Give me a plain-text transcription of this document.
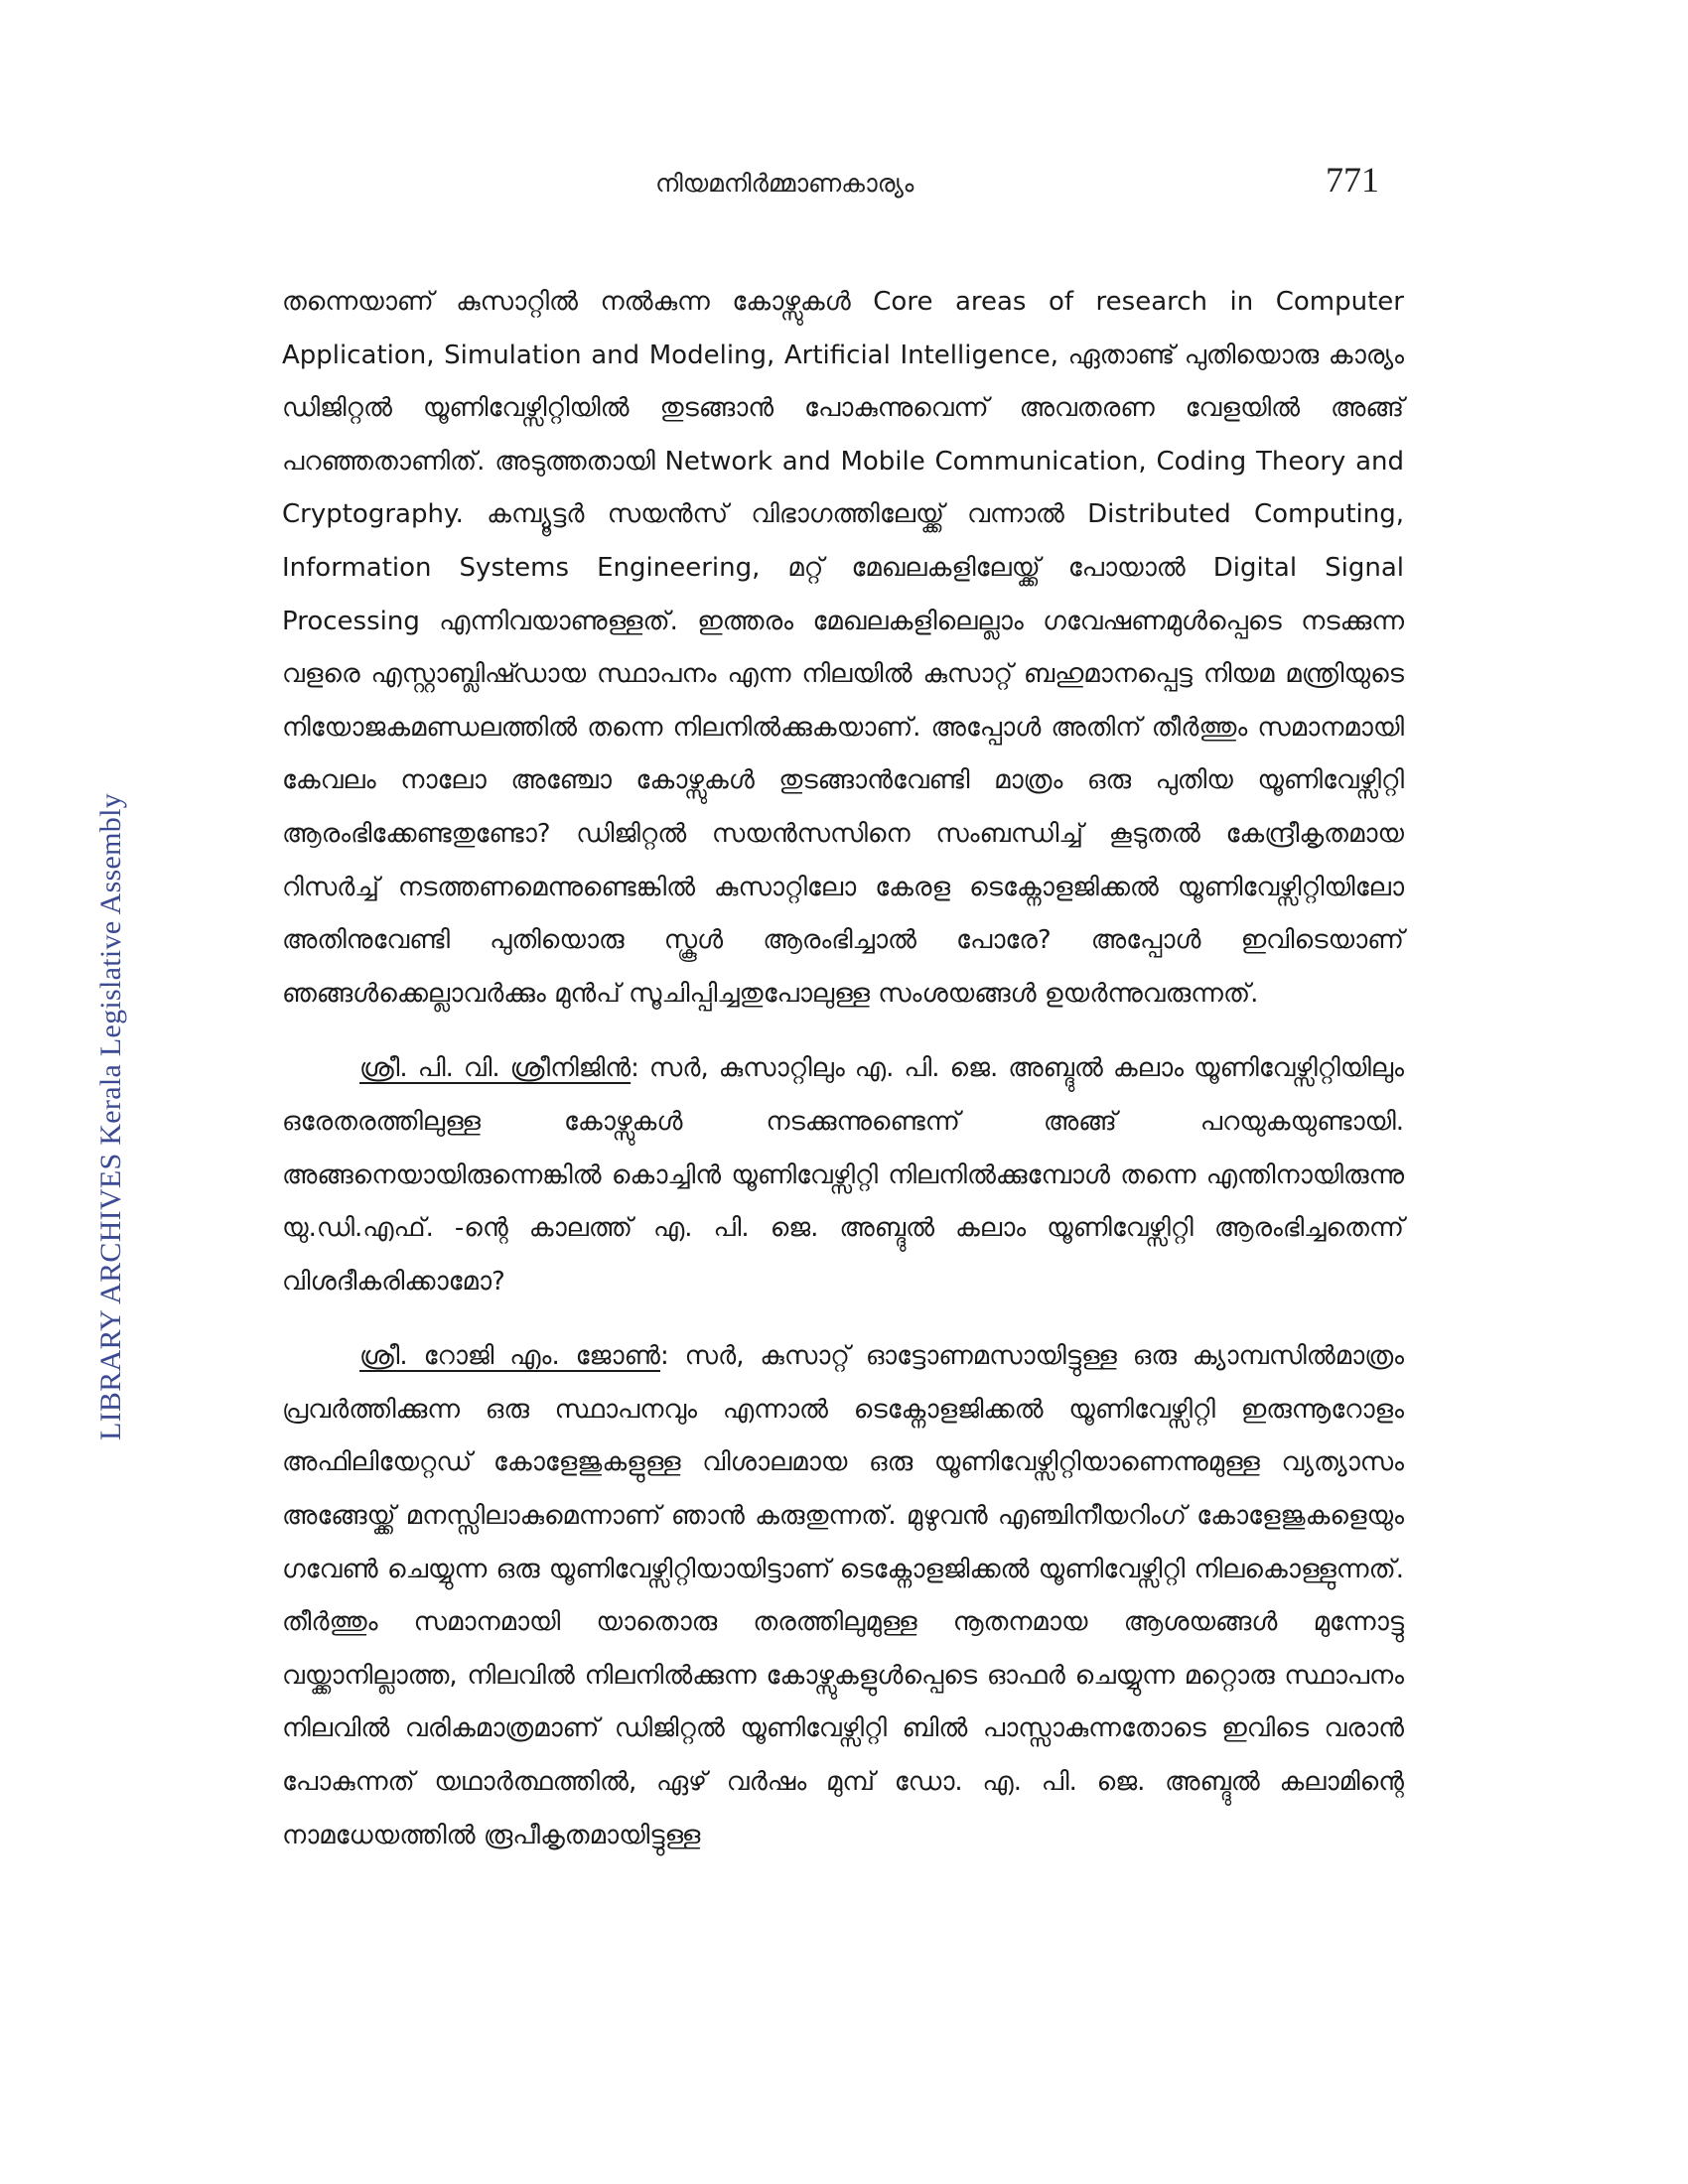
നിയമനിർമ്മാണകാര്യം	771
LIBRARY ARCHIVES Kerala Legislative Assembly

തന്നെയാണ് കുസാറ്റിൽ നൽകുന്ന കോഴ്സുകൾ Core areas of research in Computer Application, Simulation and Modeling, Artificial Intelligence, ഏതാണ്ട് പുതിയൊരു കാര്യം ഡിജിറ്റൽ യൂണിവേഴ്സിറ്റിയിൽ തുടങ്ങാൻ പോകുന്നുവെന്ന് അവതരണ വേളയിൽ അങ്ങ് പറഞ്ഞതാണിത്. അടുത്തതായി Network and Mobile Communication, Coding Theory and Cryptography. കമ്പ്യൂട്ടർ സയൻസ് വിഭാഗത്തിലേയ്ക്ക് വന്നാൽ Distributed Computing, Information Systems Engineering, മറ്റ് മേഖലകളിലേയ്ക്ക് പോയാൽ Digital Signal Processing എന്നിവയാണുള്ളത്. ഇത്തരം മേഖലകളിലെല്ലാം ഗവേഷണമുൾപ്പെടെ നടക്കുന്ന വളരെ എസ്റ്റാബ്ലിഷ്ഡായ സ്ഥാപനം എന്ന നിലയിൽ കുസാറ്റ് ബഹുമാനപ്പെട്ട നിയമ മന്ത്രിയുടെ നിയോജകമണ്ഡലത്തിൽ തന്നെ നിലനിൽക്കുകയാണ്. അപ്പോൾ അതിന് തീർത്തും സമാനമായി കേവലം നാലോ അഞ്ചോ കോഴ്സുകൾ തുടങ്ങാൻവേണ്ടി മാത്രം ഒരു പുതിയ യൂണിവേഴ്സിറ്റി ആരംഭിക്കേണ്ടതുണ്ടോ? ഡിജിറ്റൽ സയൻസസിനെ സംബന്ധിച്ച് കൂടുതൽ കേന്ദ്രീകൃതമായ റിസർച്ച് നടത്തണമെന്നുണ്ടെങ്കിൽ കുസാറ്റിലോ കേരള ടെക്നോളജിക്കൽ യൂണിവേഴ്സിറ്റിയിലോ അതിനുവേണ്ടി പുതിയൊരു സ്കൂൾ ആരംഭിച്ചാൽ പോരേ? അപ്പോൾ ഇവിടെയാണ് ഞങ്ങൾക്കെല്ലാവർക്കും മുൻപ് സൂചിപ്പിച്ചതുപോലുള്ള സംശയങ്ങൾ ഉയർന്നുവരുന്നത്.

ശ്രീ. പി. വി. ശ്രീനിജിൻ: സർ, കുസാറ്റിലും എ. പി. ജെ. അബ്ദുൽ കലാം യൂണിവേഴ്സിറ്റിയിലും ഒരേതരത്തിലുള്ള കോഴ്സുകൾ നടക്കുന്നുണ്ടെന്ന് അങ്ങ് പറയുകയുണ്ടായി. അങ്ങനെയായിരുന്നെങ്കിൽ കൊച്ചിൻ യൂണിവേഴ്സിറ്റി നിലനിൽക്കുമ്പോൾ തന്നെ എന്തിനായിരുന്നു യു.ഡി.എഫ്. -ന്റെ കാലത്ത് എ. പി. ജെ. അബ്ദുൽ കലാം യൂണിവേഴ്സിറ്റി ആരംഭിച്ചതെന്ന് വിശദീകരിക്കാമോ?

ശ്രീ. റോജി എം. ജോൺ: സർ, കുസാറ്റ് ഓട്ടോണമസായിട്ടുള്ള ഒരു ക്യാമ്പസിൽമാത്രം പ്രവർത്തിക്കുന്ന ഒരു സ്ഥാപനവും എന്നാൽ ടെക്നോളജിക്കൽ യൂണിവേഴ്സിറ്റി ഇരുന്നൂറോളം അഫിലിയേറ്റഡ് കോളേജുകളുള്ള വിശാലമായ ഒരു യൂണിവേഴ്സിറ്റിയാണെന്നുമുള്ള വ്യത്യാസം അങ്ങേയ്ക്ക് മനസ്സിലാകുമെന്നാണ് ഞാൻ കരുതുന്നത്. മുഴുവൻ എഞ്ചിനീയറിംഗ് കോളേജുകളെയും ഗവേൺ ചെയ്യുന്ന ഒരു യൂണിവേഴ്സിറ്റിയായിട്ടാണ് ടെക്നോളജിക്കൽ യൂണിവേഴ്സിറ്റി നിലകൊള്ളുന്നത്. തീർത്തും സമാനമായി യാതൊരു തരത്തിലുമുള്ള നൂതനമായ ആശയങ്ങൾ മുന്നോട്ടു വയ്ക്കാനില്ലാത്ത, നിലവിൽ നിലനിൽക്കുന്ന കോഴ്സുകളുൾപ്പെടെ ഓഫർ ചെയ്യുന്ന മറ്റൊരു സ്ഥാപനം നിലവിൽ വരികമാത്രമാണ് ഡിജിറ്റൽ യൂണിവേഴ്സിറ്റി ബിൽ പാസ്സാകുന്നതോടെ ഇവിടെ വരാൻ പോകുന്നത് യഥാർത്ഥത്തിൽ, ഏഴ് വർഷം മുമ്പ് ഡോ. എ. പി. ജെ. അബ്ദുൽ കലാമിന്റെ നാമധേയത്തിൽ രൂപീകൃതമായിട്ടുള്ള
